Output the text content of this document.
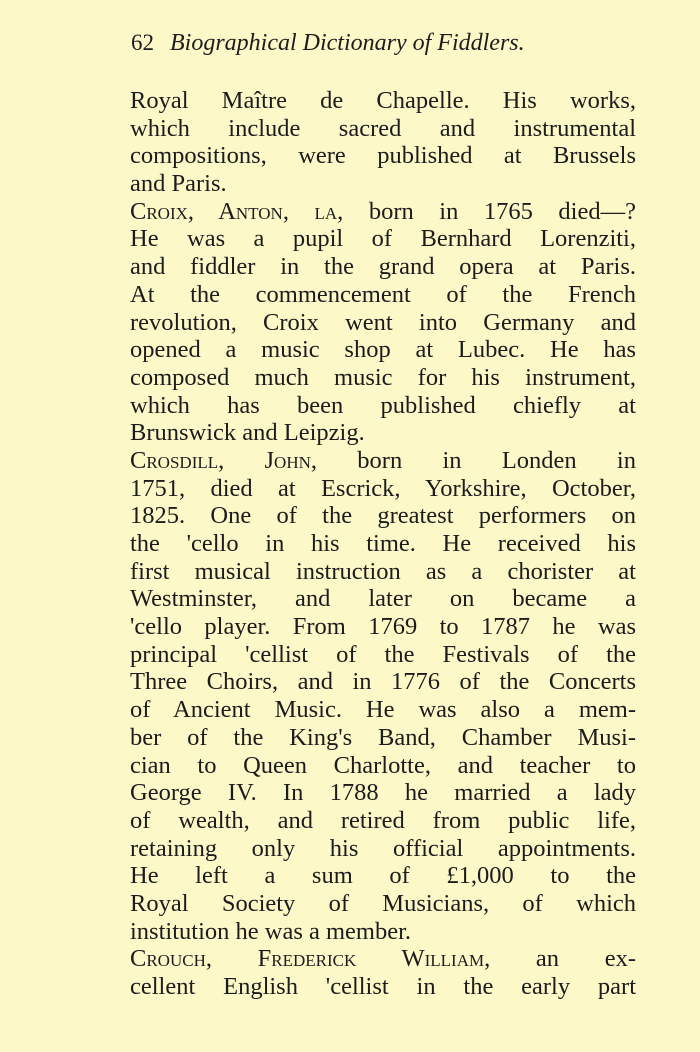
62 Biographical Dictionary of Fiddlers.
Royal Maître de Chapelle. His works,
which include sacred and instrumental
compositions, were published at Brussels
and Paris.
Croix, Anton, la, born in 1765 died—?
He was a pupil of Bernhard Lorenziti,
and fiddler in the grand opera at Paris.
At the commencement of the French
revolution, Croix went into Germany and
opened a music shop at Lubec. He has
composed much music for his instrument,
which has been published chiefly at
Brunswick and Leipzig.
Crosdill, John, born in Londen in
1751, died at Escrick, Yorkshire, October,
1825. One of the greatest performers on
the 'cello in his time. He received his
first musical instruction as a chorister at
Westminster, and later on became a
'cello player. From 1769 to 1787 he was
principal 'cellist of the Festivals of the
Three Choirs, and in 1776 of the Concerts
of Ancient Music. He was also a mem-
ber of the King's Band, Chamber Musi-
cian to Queen Charlotte, and teacher to
George IV. In 1788 he married a lady
of wealth, and retired from public life,
retaining only his official appointments.
He left a sum of £1,000 to the
Royal Society of Musicians, of which
institution he was a member.
Crouch, Frederick William, an ex-
cellent English 'cellist in the early part
